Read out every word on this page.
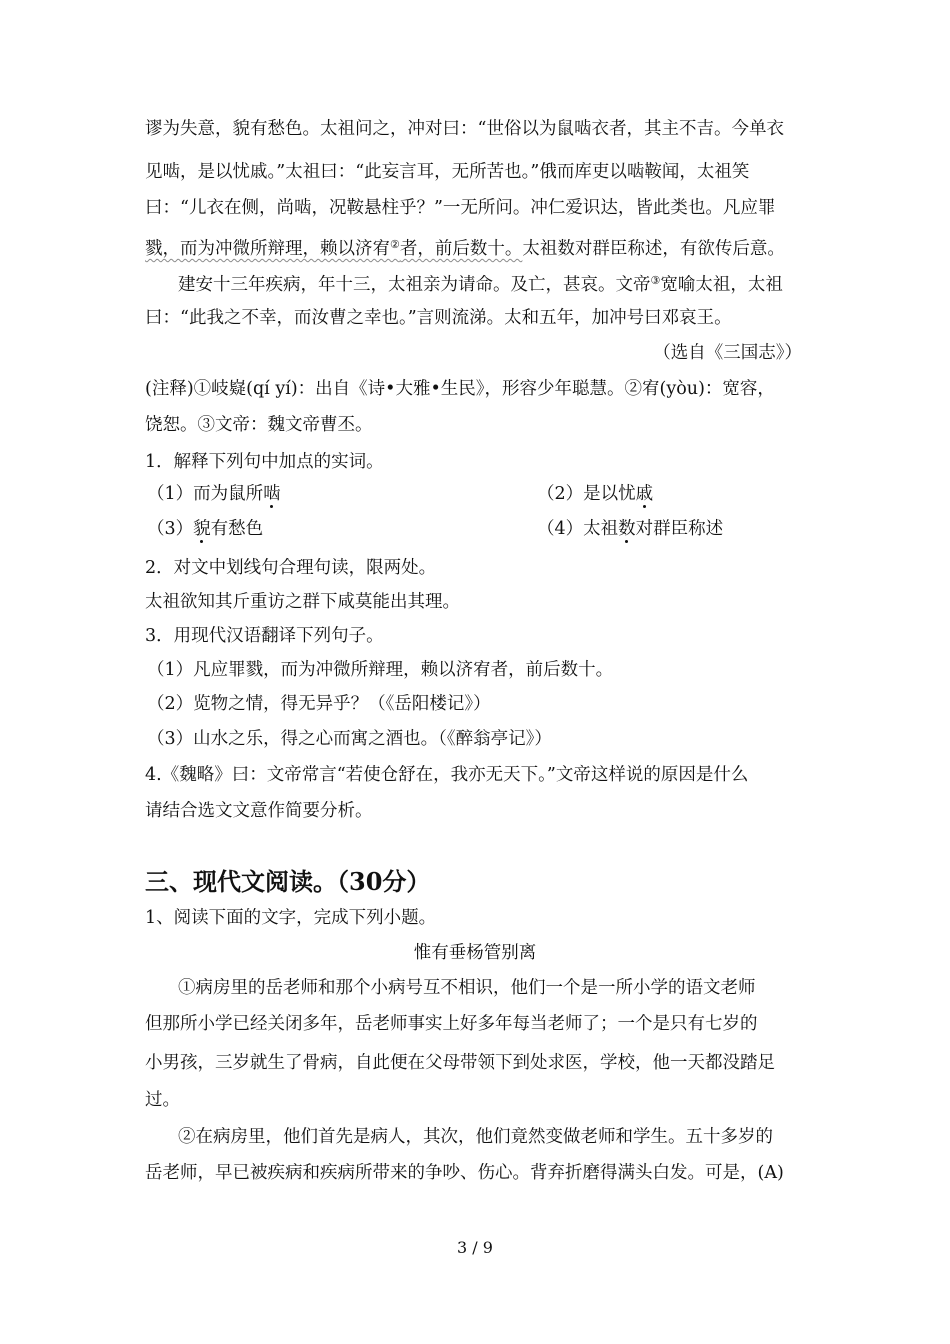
谬为失意，貌有愁色。太祖问之，冲对曰：“世俗以为鼠啮衣者，其主不吉。今单衣
见啮，是以忧戚。”太祖曰：“此妄言耳，无所苦也。”俄而库吏以啮鞍闻，太祖笑
曰：“儿衣在侧，尚啮，况鞍悬柱乎？”一无所问。冲仁爱识达，皆此类也。凡应罪
戮，而为冲微所辩理，赖以济宥②者，前后数十。太祖数对群臣称述，有欲传后意。
建安十三年疾病，年十三，太祖亲为请命。及亡，甚哀。文帝③宽喻太祖，太祖
曰：“此我之不幸，而汝曹之幸也。”言则流涕。太和五年，加冲号曰邓哀王。
（选自《三国志》）
(注释)①岐嶷(qí yí)：出自《诗•大雅•生民》，形容少年聪慧。②宥(yòu)：宽容，
饶恕。③文帝：魏文帝曹丕。
1．解释下列句中加点的实词。
（1）而为鼠所啮	（2）是以忧戚
（3）貌有愁色	（4）太祖数对群臣称述
2．对文中划线句合理句读，限两处。
太祖欲知其斤重访之群下咸莫能出其理。
3．用现代汉语翻译下列句子。
（1）凡应罪戮，而为冲微所辩理，赖以济宥者，前后数十。
（2）览物之情，得无异乎？（《岳阳楼记》）
（3）山水之乐，得之心而寓之酒也。（《醉翁亭记》）
4.《魏略》曰：文帝常言“若使仓舒在，我亦无天下。”文帝这样说的原因是什么
请结合选文文意作简要分析。
三、现代文阅读。（30分）
1、阅读下面的文字，完成下列小题。
惟有垂杨管别离
①病房里的岳老师和那个小病号互不相识，他们一个是一所小学的语文老师
但那所小学已经关闭多年，岳老师事实上好多年每当老师了；一个是只有七岁的
小男孩，三岁就生了骨病，自此便在父母带领下到处求医，学校，他一天都没踏足
过。
②在病房里，他们首先是病人，其次，他们竟然变做老师和学生。五十多岁的
岳老师，早已被疾病和疾病所带来的争吵、伤心。背弃折磨得满头白发。可是，(A)
3 / 9
